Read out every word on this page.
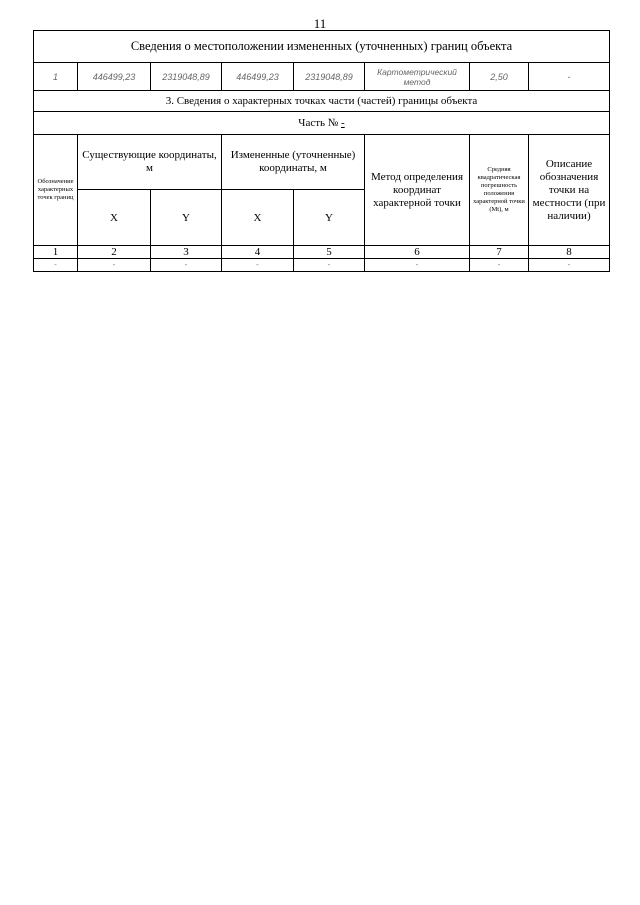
11
Сведения о местоположении измененных (уточненных) границ объекта							
1	446499,23	2319048,89	446499,23	2319048,89	Картометрический метод	2,50	-
3. Сведения о характерных точках части (частей) границы объекта							
Часть № -							
Обозначение характерных точек границ	Существующие координаты, м		Измененные (уточненные) координаты, м		Метод определения координат характерной точки	Средняя квадратическая погрешность положения характерной точки (Mt), м	Описание обозначения точки на местности (при наличии)
	X	Y	X	Y			
1	2	3	4	5	6	7	8
-	-	-	-	-	-	-	-
